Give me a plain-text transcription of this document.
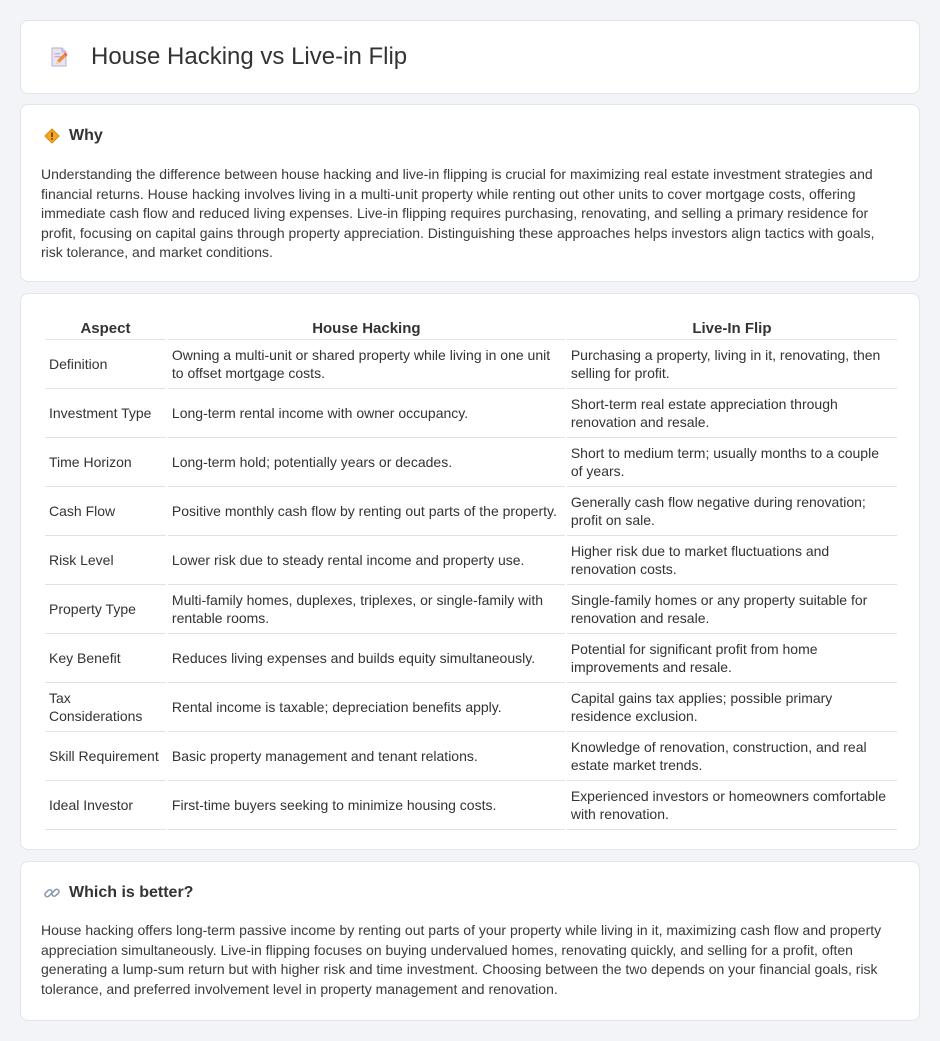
House Hacking vs Live-in Flip
Why

Understanding the difference between house hacking and live-in flipping is crucial for maximizing real estate investment strategies and financial returns. House hacking involves living in a multi-unit property while renting out other units to cover mortgage costs, offering immediate cash flow and reduced living expenses. Live-in flipping requires purchasing, renovating, and selling a primary residence for profit, focusing on capital gains through property appreciation. Distinguishing these approaches helps investors align tactics with goals, risk tolerance, and market conditions.

Aspect	House Hacking	Live-In Flip
Definition	Owning a multi-unit or shared property while living in one unit to offset mortgage costs.	Purchasing a property, living in it, renovating, then selling for profit.
Investment Type	Long-term rental income with owner occupancy.	Short-term real estate appreciation through renovation and resale.
Time Horizon	Long-term hold; potentially years or decades.	Short to medium term; usually months to a couple of years.
Cash Flow	Positive monthly cash flow by renting out parts of the property.	Generally cash flow negative during renovation; profit on sale.
Risk Level	Lower risk due to steady rental income and property use.	Higher risk due to market fluctuations and renovation costs.
Property Type	Multi-family homes, duplexes, triplexes, or single-family with rentable rooms.	Single-family homes or any property suitable for renovation and resale.
Key Benefit	Reduces living expenses and builds equity simultaneously.	Potential for significant profit from home improvements and resale.
Tax Considerations	Rental income is taxable; depreciation benefits apply.	Capital gains tax applies; possible primary residence exclusion.
Skill Requirement	Basic property management and tenant relations.	Knowledge of renovation, construction, and real estate market trends.
Ideal Investor	First-time buyers seeking to minimize housing costs.	Experienced investors or homeowners comfortable with renovation.
Which is better?

House hacking offers long-term passive income by renting out parts of your property while living in it, maximizing cash flow and property appreciation simultaneously. Live-in flipping focuses on buying undervalued homes, renovating quickly, and selling for a profit, often generating a lump-sum return but with higher risk and time investment. Choosing between the two depends on your financial goals, risk tolerance, and preferred involvement level in property management and renovation.
